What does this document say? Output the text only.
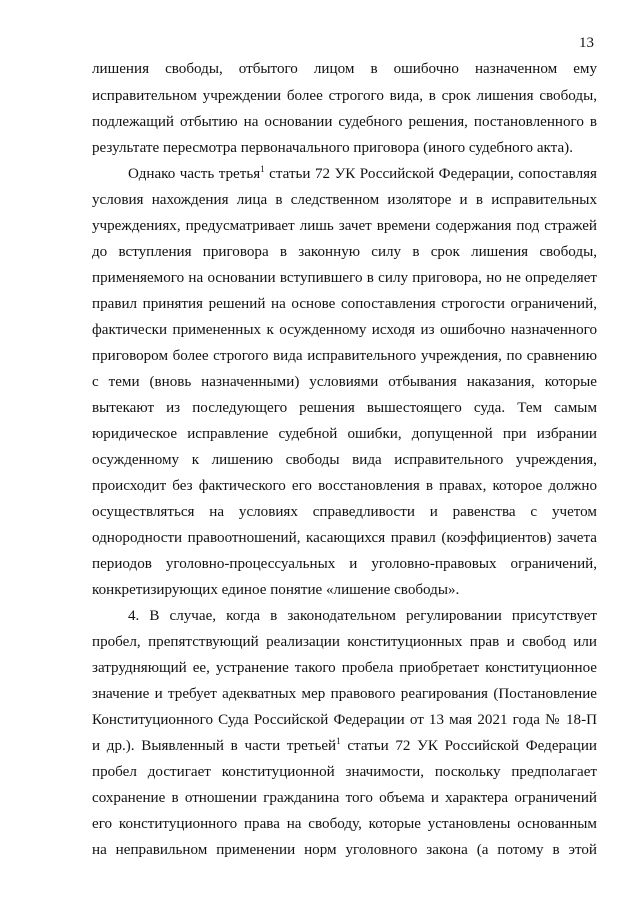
13
лишения свободы, отбытого лицом в ошибочно назначенном ему
исправительном учреждении более строгого вида, в срок лишения свободы,
подлежащий отбытию на основании судебного решения, постановленного в
результате пересмотра первоначального приговора (иного судебного акта).
Однако часть третья$^1$ статьи 72 УК Российской Федерации, сопоставляя
условия нахождения лица в следственном изоляторе и в исправительных
учреждениях, предусматривает лишь зачет времени содержания под стражей
до вступления приговора в законную силу в срок лишения свободы,
применяемого на основании вступившего в силу приговора, но не определяет
правил принятия решений на основе сопоставления строгости ограничений,
фактически примененных к осужденному исходя из ошибочно назначенного
приговором более строгого вида исправительного учреждения, по сравнению
с теми (вновь назначенными) условиями отбывания наказания, которые
вытекают из последующего решения вышестоящего суда. Тем самым
юридическое исправление судебной ошибки, допущенной при избрании
осужденному к лишению свободы вида исправительного учреждения,
происходит без фактического его восстановления в правах, которое должно
осуществляться на условиях справедливости и равенства с учетом
однородности правоотношений, касающихся правил (коэффициентов) зачета
периодов уголовно-процессуальных и уголовно-правовых ограничений,
конкретизирующих единое понятие «лишение свободы».
4. В случае, когда в законодательном регулировании присутствует
пробел, препятствующий реализации конституционных прав и свобод или
затрудняющий ее, устранение такого пробела приобретает конституционное
значение и требует адекватных мер правового реагирования (Постановление
Конституционного Суда Российской Федерации от 13 мая 2021 года № 18-П
и др.). Выявленный в части третьей$^1$ статьи 72 УК Российской Федерации
пробел достигает конституционной значимости, поскольку предполагает
сохранение в отношении гражданина того объема и характера ограничений
его конституционного права на свободу, которые установлены основанным
на неправильном применении норм уголовного закона (а потому в этой
